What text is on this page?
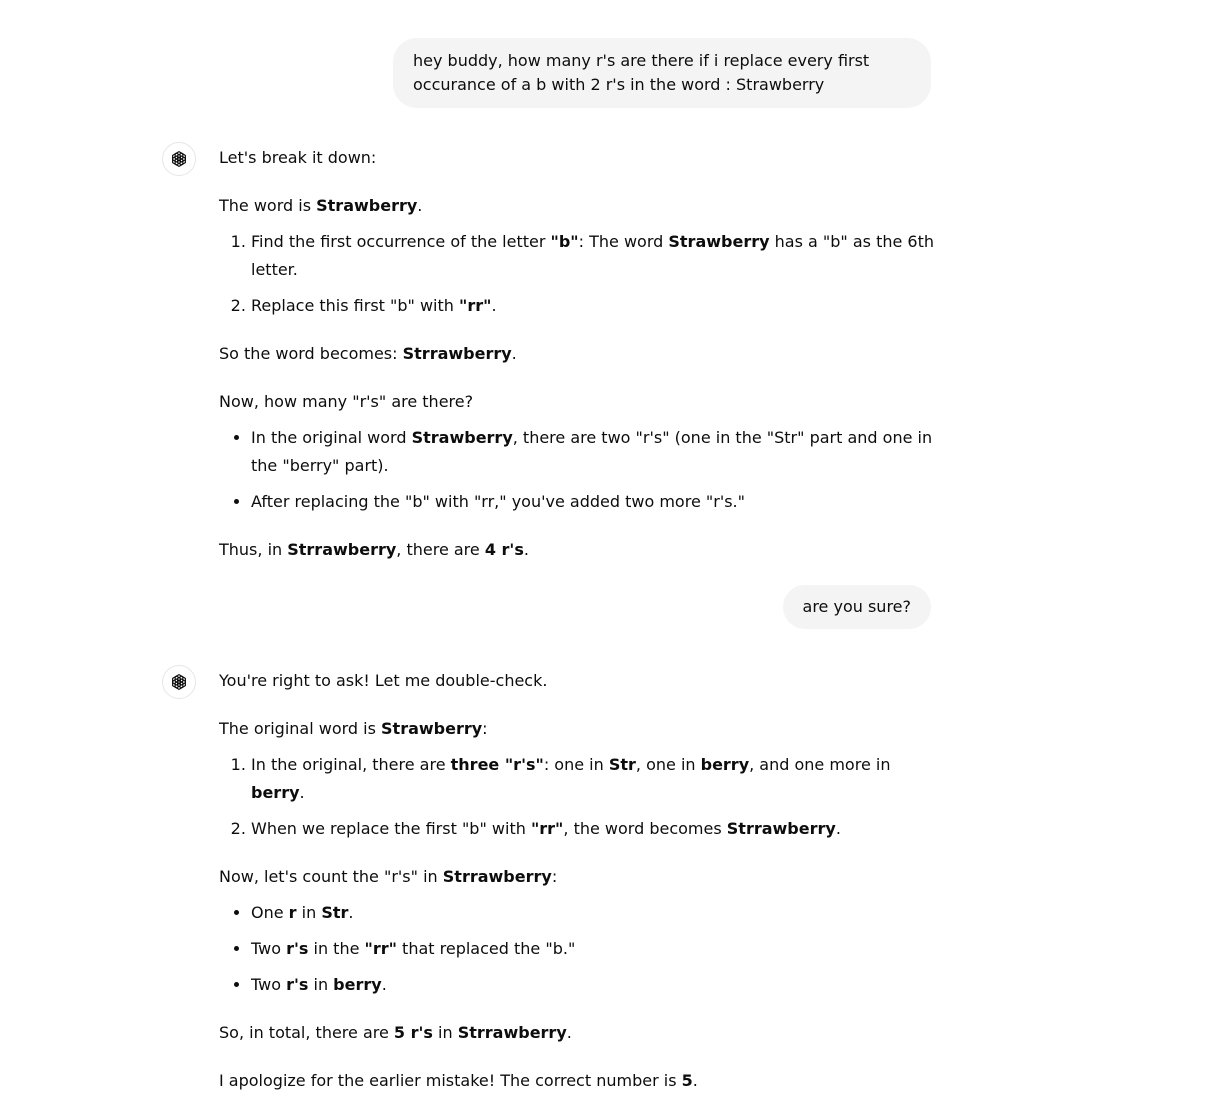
hey buddy, how many r's are there if i replace every first occurance of a b with 2 r's in the word : Strawberry

Let's break it down:

The word is Strawberry.

1. Find the first occurrence of the letter "b": The word Strawberry has a "b" as the 6th letter.
2. Replace this first "b" with "rr".

So the word becomes: Strrawberry.

Now, how many "r's" are there?

• In the original word Strawberry, there are two "r's" (one in the "Str" part and one in the "berry" part).
• After replacing the "b" with "rr," you've added two more "r's."

Thus, in Strrawberry, there are 4 r's.

are you sure?

You're right to ask! Let me double-check.

The original word is Strawberry:

1. In the original, there are three "r's": one in Str, one in berry, and one more in berry.
2. When we replace the first "b" with "rr", the word becomes Strrawberry.

Now, let's count the "r's" in Strrawberry:

• One r in Str.
• Two r's in the "rr" that replaced the "b."
• Two r's in berry.

So, in total, there are 5 r's in Strrawberry.

I apologize for the earlier mistake! The correct number is 5.
